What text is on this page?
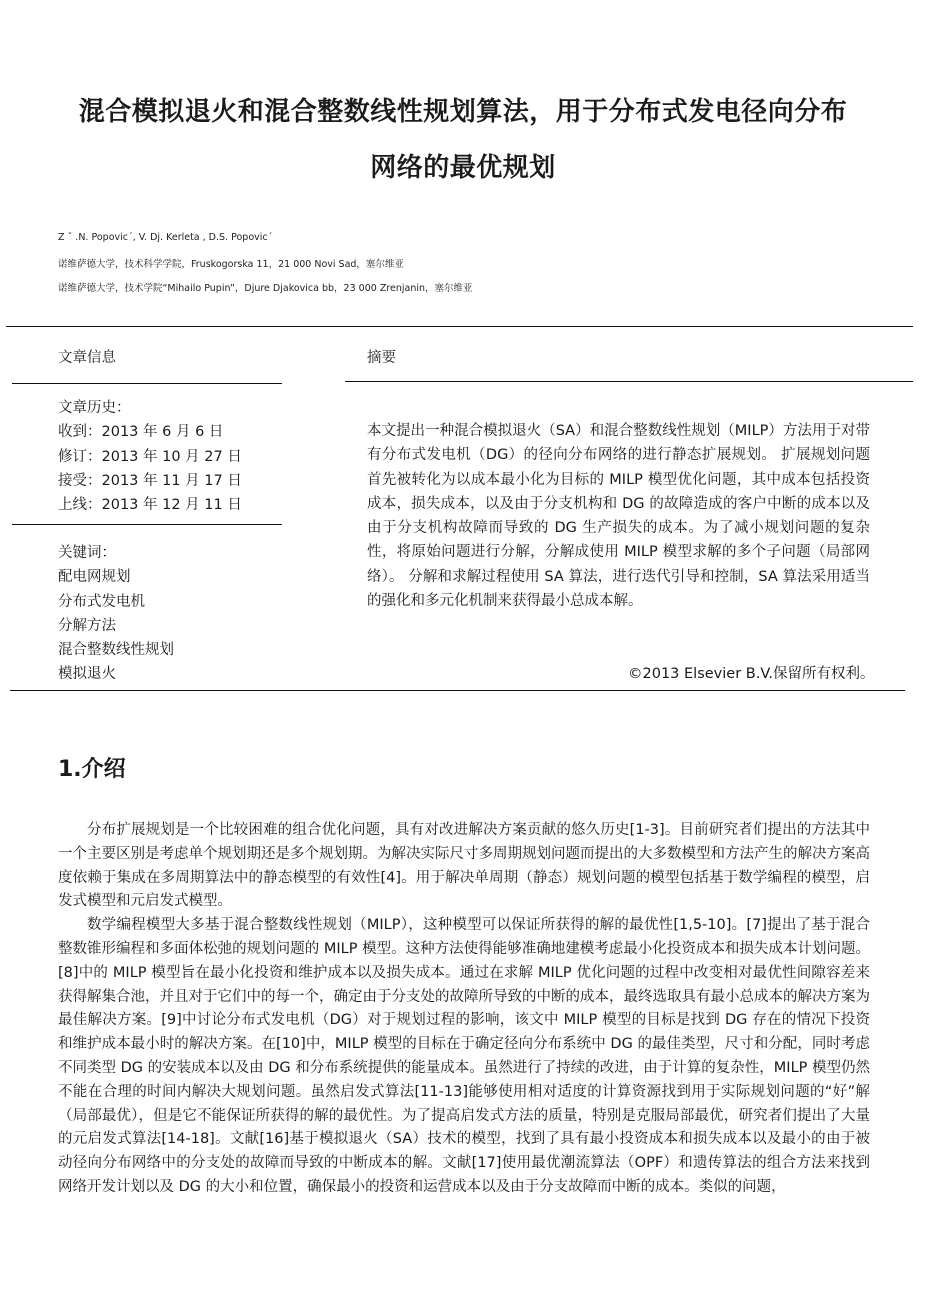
混合模拟退火和混合整数线性规划算法，用于分布式发电径向分布
网络的最优规划
Z ˇ .N. Popovic´, V. Dj. Kerleta , D.S. Popovic´
诺维萨德大学，技术科学学院，Fruskogorska 11，21 000 Novi Sad，塞尔维亚
诺维萨德大学，技术学院“Mihailo Pupin”，Djure Djakovica bb，23 000 Zrenjanin，塞尔维亚
文章信息
文章历史：
收到：2013 年 6 月 6 日
修订：2013 年 10 月 27 日
接受：2013 年 11 月 17 日
上线：2013 年 12 月 11 日
关键词：
配电网规划
分布式发电机
分解方法
混合整数线性规划
模拟退火
摘要
本文提出一种混合模拟退火（SA）和混合整数线性规划（MILP）方法用于对带有分布式发电机（DG）的径向分布网络的进行静态扩展规划。 扩展规划问题首先被转化为以成本最小化为目标的 MILP 模型优化问题，其中成本包括投资成本，损失成本，以及由于分支机构和 DG 的故障造成的客户中断的成本以及由于分支机构故障而导致的 DG 生产损失的成本。为了减小规划问题的复杂性，将原始问题进行分解，分解成使用 MILP 模型求解的多个子问题（局部网络）。 分解和求解过程使用 SA 算法，进行迭代引导和控制，SA 算法采用适当的强化和多元化机制来获得最小总成本解。
©2013 Elsevier B.V.保留所有权利。
1.介绍

分布扩展规划是一个比较困难的组合优化问题，具有对改进解决方案贡献的悠久历史[1-3]。目前研究者们提出的方法其中一个主要区别是考虑单个规划期还是多个规划期。为解决实际尺寸多周期规划问题而提出的大多数模型和方法产生的解决方案高度依赖于集成在多周期算法中的静态模型的有效性[4]。用于解决单周期（静态）规划问题的模型包括基于数学编程的模型，启发式模型和元启发式模型。

数学编程模型大多基于混合整数线性规划（MILP），这种模型可以保证所获得的解的最优性[1,5-10]。[7]提出了基于混合整数锥形编程和多面体松弛的规划问题的 MILP 模型。这种方法使得能够准确地建模考虑最小化投资成本和损失成本计划问题。[8]中的 MILP 模型旨在最小化投资和维护成本以及损失成本。通过在求解 MILP 优化问题的过程中改变相对最优性间隙容差来获得解集合池，并且对于它们中的每一个，确定由于分支处的故障所导致的中断的成本，最终选取具有最小总成本的解决方案为最佳解决方案。[9]中讨论分布式发电机（DG）对于规划过程的影响，该文中 MILP 模型的目标是找到 DG 存在的情况下投资和维护成本最小时的解决方案。在[10]中，MILP 模型的目标在于确定径向分布系统中 DG 的最佳类型，尺寸和分配，同时考虑不同类型 DG 的安装成本以及由 DG 和分布系统提供的能量成本。虽然进行了持续的改进，由于计算的复杂性，MILP 模型仍然不能在合理的时间内解决大规划问题。虽然启发式算法[11-13]能够使用相对适度的计算资源找到用于实际规划问题的“好”解（局部最优），但是它不能保证所获得的解的最优性。为了提高启发式方法的质量，特别是克服局部最优，研究者们提出了大量的元启发式算法[14-18]。文献[16]基于模拟退火（SA）技术的模型，找到了具有最小投资成本和损失成本以及最小的由于被动径向分布网络中的分支处的故障而导致的中断成本的解。文献[17]使用最优潮流算法（OPF）和遗传算法的组合方法来找到网络开发计划以及 DG 的大小和位置，确保最小的投资和运营成本以及由于分支故障而中断的成本。类似的问题，
